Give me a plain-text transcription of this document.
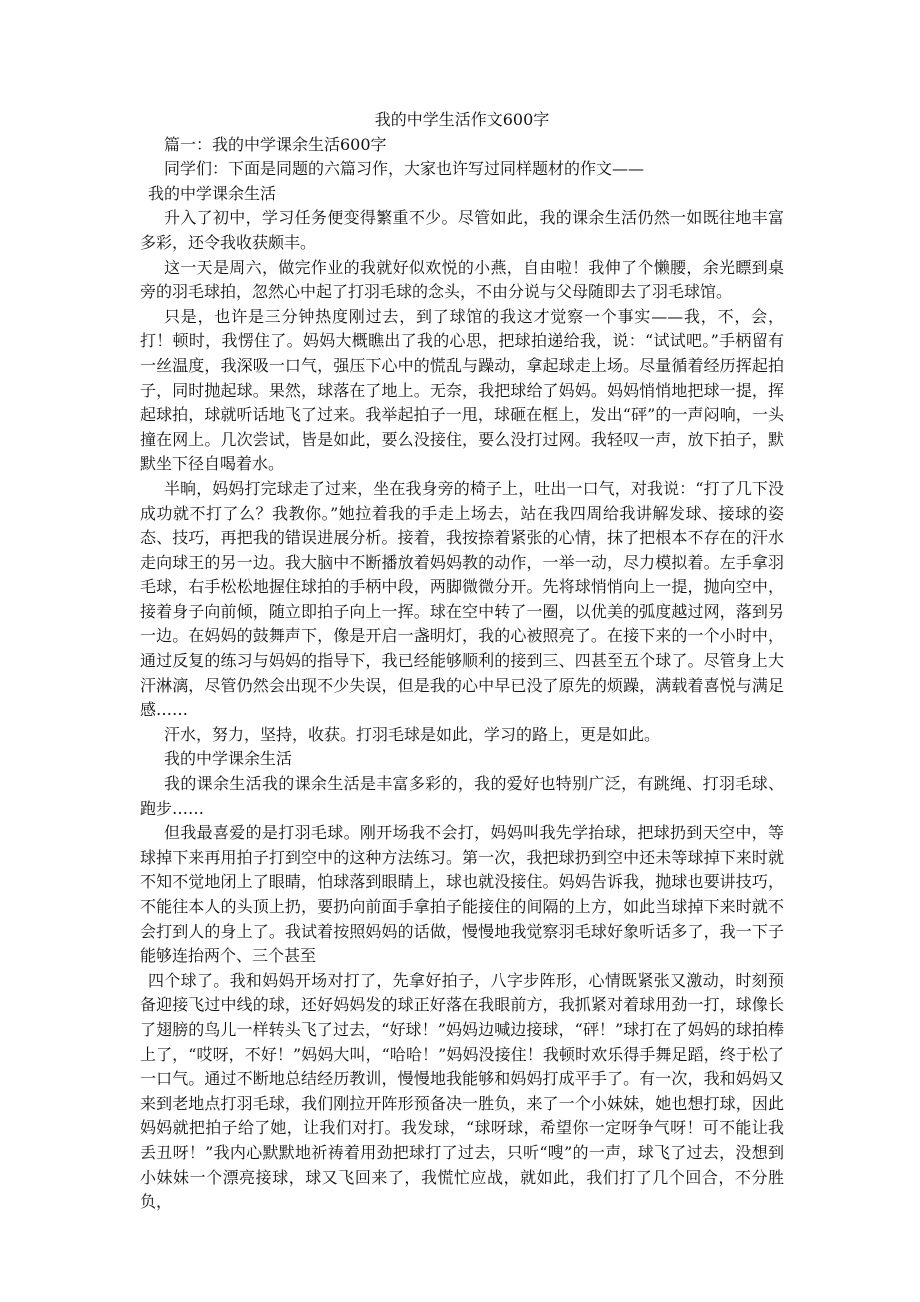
我的中学生活作文600字

篇一：我的中学课余生活600字

同学们：下面是同题的六篇习作，大家也许写过同样题材的作文——

我的中学课余生活

升入了初中，学习任务便变得繁重不少。尽管如此，我的课余生活仍然一如既往地丰富多彩，还令我收获颇丰。

这一天是周六，做完作业的我就好似欢悦的小燕，自由啦！我伸了个懒腰，余光瞟到桌旁的羽毛球拍，忽然心中起了打羽毛球的念头，不由分说与父母随即去了羽毛球馆。

只是，也许是三分钟热度刚过去，到了球馆的我这才觉察一个事实——我，不，会，打！顿时，我愣住了。妈妈大概瞧出了我的心思，把球拍递给我，说：“试试吧。”手柄留有一丝温度，我深吸一口气，强压下心中的慌乱与躁动，拿起球走上场。尽量循着经历挥起拍子，同时抛起球。果然，球落在了地上。无奈，我把球给了妈妈。妈妈悄悄地把球一提，挥起球拍，球就听话地飞了过来。我举起拍子一甩，球砸在框上，发出“砰”的一声闷响，一头撞在网上。几次尝试，皆是如此，要么没接住，要么没打过网。我轻叹一声，放下拍子，默默坐下径自喝着水。

半晌，妈妈打完球走了过来，坐在我身旁的椅子上，吐出一口气，对我说：“打了几下没成功就不打了么？我教你。”她拉着我的手走上场去，站在我四周给我讲解发球、接球的姿态、技巧，再把我的错误进展分析。接着，我按捺着紧张的心情，抹了把根本不存在的汗水走向球王的另一边。我大脑中不断播放着妈妈教的动作，一举一动，尽力模拟着。左手拿羽毛球，右手松松地握住球拍的手柄中段，两脚微微分开。先将球悄悄向上一提，抛向空中，接着身子向前倾，随立即拍子向上一挥。球在空中转了一圈，以优美的弧度越过网，落到另一边。在妈妈的鼓舞声下，像是开启一盏明灯，我的心被照亮了。在接下来的一个小时中，通过反复的练习与妈妈的指导下，我已经能够顺利的接到三、四甚至五个球了。尽管身上大汗淋漓，尽管仍然会出现不少失误，但是我的心中早已没了原先的烦躁，满载着喜悦与满足感……

汗水，努力，坚持，收获。打羽毛球是如此，学习的路上，更是如此。

我的中学课余生活

我的课余生活我的课余生活是丰富多彩的，我的爱好也特别广泛，有跳绳、打羽毛球、跑步……

但我最喜爱的是打羽毛球。刚开场我不会打，妈妈叫我先学抬球，把球扔到天空中，等球掉下来再用拍子打到空中的这种方法练习。第一次，我把球扔到空中还未等球掉下来时就不知不觉地闭上了眼睛，怕球落到眼睛上，球也就没接住。妈妈告诉我，抛球也要讲技巧，不能往本人的头顶上扔，要扔向前面手拿拍子能接住的间隔的上方，如此当球掉下来时就不会打到人的身上了。我试着按照妈妈的话做，慢慢地我觉察羽毛球好象听话多了，我一下子能够连抬两个、三个甚至

四个球了。我和妈妈开场对打了，先拿好拍子，八字步阵形，心情既紧张又激动，时刻预备迎接飞过中线的球，还好妈妈发的球正好落在我眼前方，我抓紧对着球用劲一打，球像长了翅膀的鸟儿一样转头飞了过去，“好球！”妈妈边喊边接球，“砰！”球打在了妈妈的球拍棒上了，“哎呀，不好！”妈妈大叫，“哈哈！”妈妈没接住！我顿时欢乐得手舞足蹈，终于松了一口气。通过不断地总结经历教训，慢慢地我能够和妈妈打成平手了。有一次，我和妈妈又来到老地点打羽毛球，我们刚拉开阵形预备决一胜负，来了一个小妹妹，她也想打球，因此妈妈就把拍子给了她，让我们对打。我发球，“球呀球，希望你一定呀争气呀！可不能让我丢丑呀！”我内心默默地祈祷着用劲把球打了过去，只听“嗖”的一声，球飞了过去，没想到小妹妹一个漂亮接球，球又飞回来了，我慌忙应战，就如此，我们打了几个回合，不分胜负，
